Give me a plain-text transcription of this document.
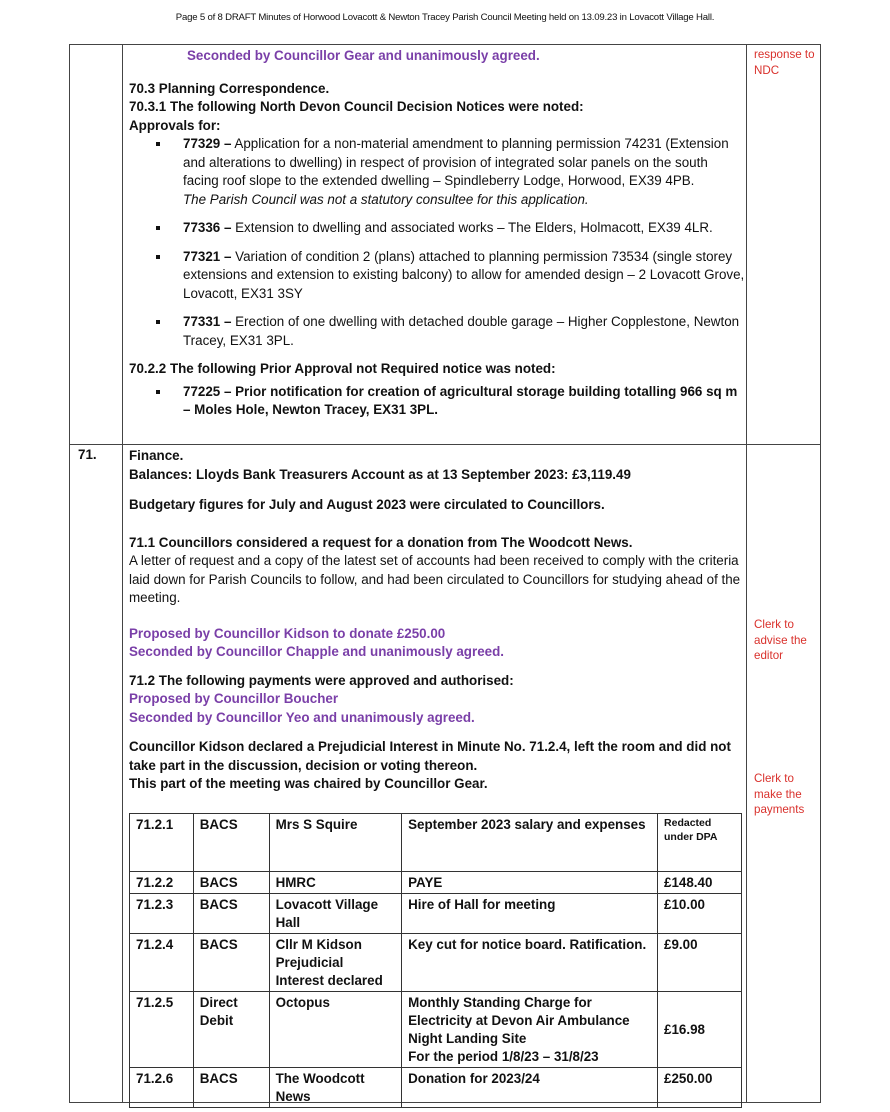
Page 5 of 8 DRAFT Minutes of Horwood Lovacott & Newton Tracey Parish Council Meeting held on 13.09.23 in Lovacott Village Hall.
Seconded by Councillor Gear and unanimously agreed.
70.3 Planning Correspondence.
70.3.1 The following North Devon Council Decision Notices were noted:
Approvals for:
77329 – Application for a non-material amendment to planning permission 74231 (Extension and alterations to dwelling) in respect of provision of integrated solar panels on the south facing roof slope to the extended dwelling – Spindleberry Lodge, Horwood, EX39 4PB.
The Parish Council was not a statutory consultee for this application.
77336 – Extension to dwelling and associated works – The Elders, Holmacott, EX39 4LR.
77321 – Variation of condition 2 (plans) attached to planning permission 73534 (single storey extensions and extension to existing balcony) to allow for amended design – 2 Lovacott Grove, Lovacott, EX31 3SY
77331 – Erection of one dwelling with detached double garage – Higher Copplestone, Newton Tracey, EX31 3PL.
70.2.2 The following Prior Approval not Required notice was noted:
77225 – Prior notification for creation of agricultural storage building totalling 966 sq m – Moles Hole, Newton Tracey, EX31 3PL.
response to NDC
71. Finance.
Balances: Lloyds Bank Treasurers Account as at 13 September 2023: £3,119.49
Budgetary figures for July and August 2023 were circulated to Councillors.
71.1 Councillors considered a request for a donation from The Woodcott News.
A letter of request and a copy of the latest set of accounts had been received to comply with the criteria laid down for Parish Councils to follow, and had been circulated to Councillors for studying ahead of the meeting.
Proposed by Councillor Kidson to donate £250.00
Seconded by Councillor Chapple and unanimously agreed.
71.2 The following payments were approved and authorised:
Proposed by Councillor Boucher
Seconded by Councillor Yeo and unanimously agreed.
Councillor Kidson declared a Prejudicial Interest in Minute No. 71.2.4, left the room and did not take part in the discussion, decision or voting thereon.
This part of the meeting was chaired by Councillor Gear.
Clerk to advise the editor
Clerk to make the payments
71.2.1	BACS	Mrs S Squire	September 2023 salary and expenses	Redacted under DPA
71.2.2	BACS	HMRC	PAYE	£148.40
71.2.3	BACS	Lovacott Village Hall	Hire of Hall for meeting	£10.00
71.2.4	BACS	Cllr M Kidson Prejudicial Interest declared	Key cut for notice board. Ratification.	£9.00
71.2.5	Direct Debit	Octopus	Monthly Standing Charge for Electricity at Devon Air Ambulance Night Landing Site
For the period 1/8/23 – 31/8/23	£16.98
71.2.6	BACS	The Woodcott News	Donation for 2023/24	£250.00
